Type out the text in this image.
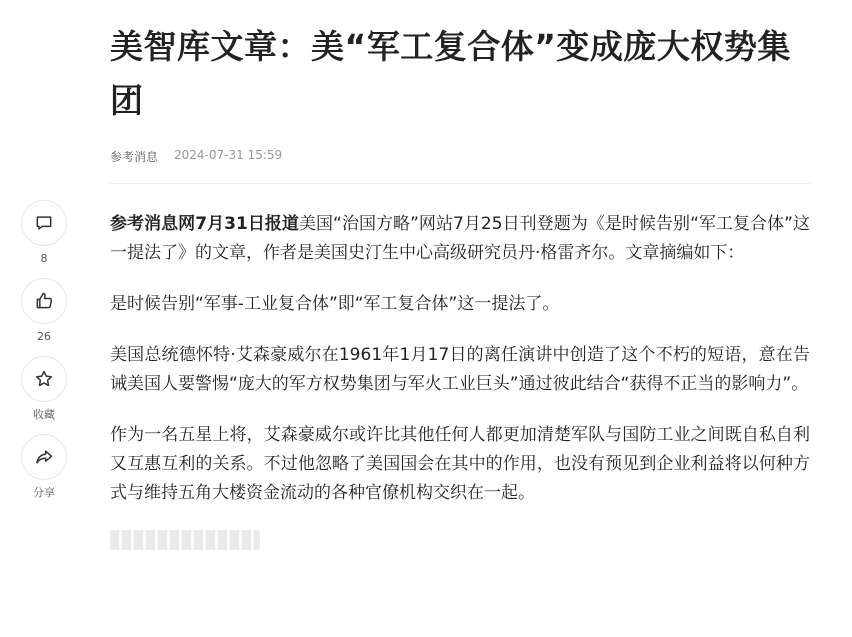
8
26
收藏
分享
美智库文章：美“军工复合体”变成庞大权势集团
参考消息 2024-07-31 15:59

参考消息网7月31日报道美国“治国方略”网站7月25日刊登题为《是时候告别“军工复合体”这一提法了》的文章，作者是美国史汀生中心高级研究员丹·格雷齐尔。文章摘编如下：

是时候告别“军事-工业复合体”即“军工复合体”这一提法了。

美国总统德怀特·艾森豪威尔在1961年1月17日的离任演讲中创造了这个不朽的短语，意在告诫美国人要警惕“庞大的军方权势集团与军火工业巨头”通过彼此结合“获得不正当的影响力”。

作为一名五星上将，艾森豪威尔或许比其他任何人都更加清楚军队与国防工业之间既自私自利又互惠互利的关系。不过他忽略了美国国会在其中的作用，也没有预见到企业利益将以何种方式与维持五角大楼资金流动的各种官僚机构交织在一起。
